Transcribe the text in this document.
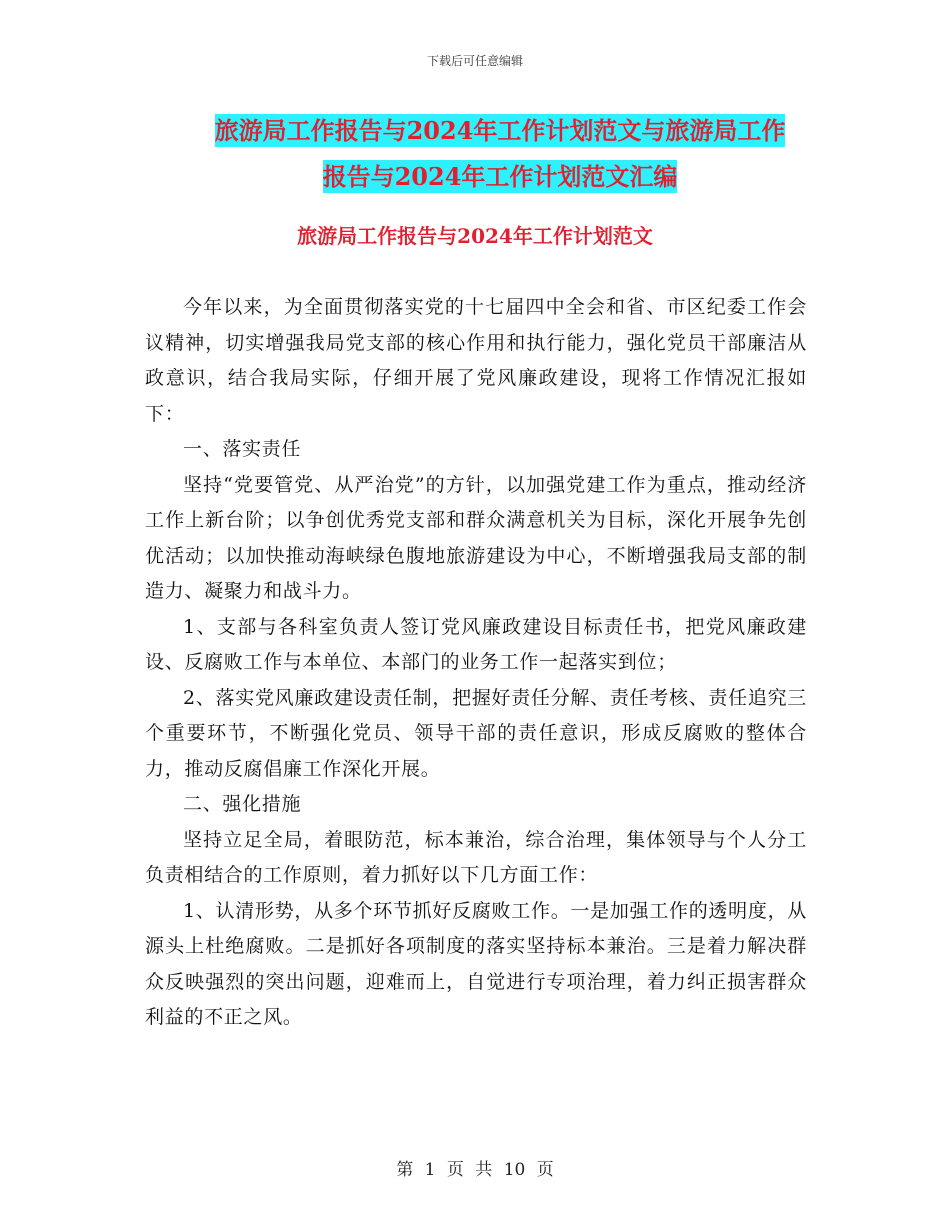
下载后可任意编辑
旅游局工作报告与2024年工作计划范文与旅游局工作
报告与2024年工作计划范文汇编
旅游局工作报告与2024年工作计划范文

今年以来，为全面贯彻落实党的十七届四中全会和省、市区纪委工作会议精神，切实增强我局党支部的核心作用和执行能力，强化党员干部廉洁从政意识，结合我局实际，仔细开展了党风廉政建设，现将工作情况汇报如下：

一、落实责任

坚持“党要管党、从严治党”的方针，以加强党建工作为重点，推动经济工作上新台阶；以争创优秀党支部和群众满意机关为目标，深化开展争先创优活动；以加快推动海峡绿色腹地旅游建设为中心，不断增强我局支部的制造力、凝聚力和战斗力。

1、支部与各科室负责人签订党风廉政建设目标责任书，把党风廉政建设、反腐败工作与本单位、本部门的业务工作一起落实到位；

2、落实党风廉政建设责任制，把握好责任分解、责任考核、责任追究三个重要环节，不断强化党员、领导干部的责任意识，形成反腐败的整体合力，推动反腐倡廉工作深化开展。

二、强化措施

坚持立足全局，着眼防范，标本兼治，综合治理，集体领导与个人分工负责相结合的工作原则，着力抓好以下几方面工作：

1、认清形势，从多个环节抓好反腐败工作。一是加强工作的透明度，从源头上杜绝腐败。二是抓好各项制度的落实坚持标本兼治。三是着力解决群众反映强烈的突出问题，迎难而上，自觉进行专项治理，着力纠正损害群众利益的不正之风。

第 1 页 共 10 页
